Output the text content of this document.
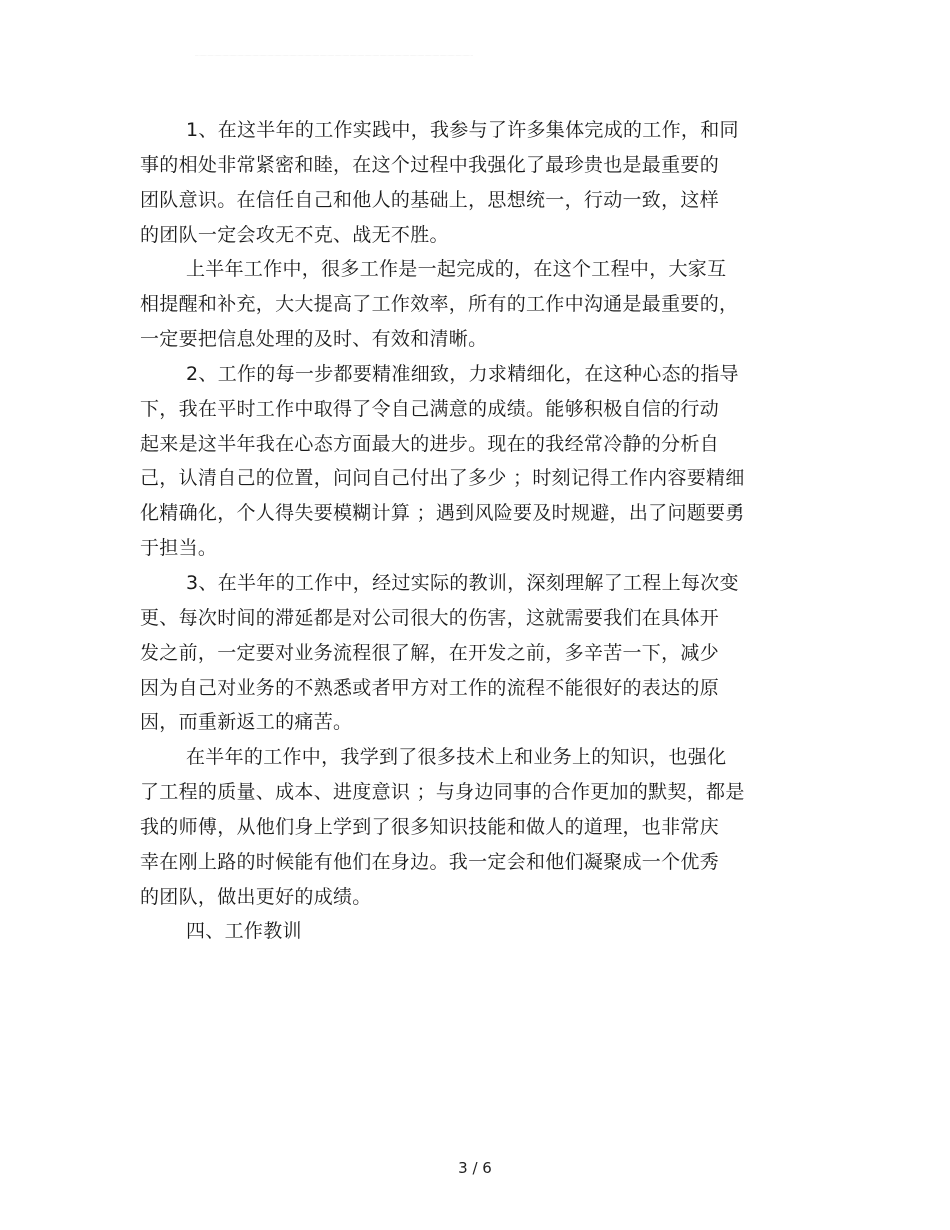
·················································································································································································································································
1、在这半年的工作实践中，我参与了许多集体完成的工作，和同
事的相处非常紧密和睦，在这个过程中我强化了最珍贵也是最重要的
团队意识。在信任自己和他人的基础上，思想统一，行动一致，这样
的团队一定会攻无不克、战无不胜。
上半年工作中，很多工作是一起完成的，在这个工程中，大家互
相提醒和补充，大大提高了工作效率，所有的工作中沟通是最重要的，
一定要把信息处理的及时、有效和清晰。
2、工作的每一步都要精准细致，力求精细化，在这种心态的指导
下，我在平时工作中取得了令自己满意的成绩。能够积极自信的行动
起来是这半年我在心态方面最大的进步。现在的我经常冷静的分析自
己，认清自己的位置，问问自己付出了多少 ；时刻记得工作内容要精细
化精确化，个人得失要模糊计算 ；遇到风险要及时规避，出了问题要勇
于担当。
3、在半年的工作中，经过实际的教训，深刻理解了工程上每次变
更、每次时间的滞延都是对公司很大的伤害，这就需要我们在具体开
发之前，一定要对业务流程很了解，在开发之前，多辛苦一下，减少
因为自己对业务的不熟悉或者甲方对工作的流程不能很好的表达的原
因，而重新返工的痛苦。
在半年的工作中，我学到了很多技术上和业务上的知识，也强化
了工程的质量、成本、进度意识 ；与身边同事的合作更加的默契，都是
我的师傅，从他们身上学到了很多知识技能和做人的道理，也非常庆
幸在刚上路的时候能有他们在身边。我一定会和他们凝聚成一个优秀
的团队，做出更好的成绩。
四、工作教训
3 / 6
